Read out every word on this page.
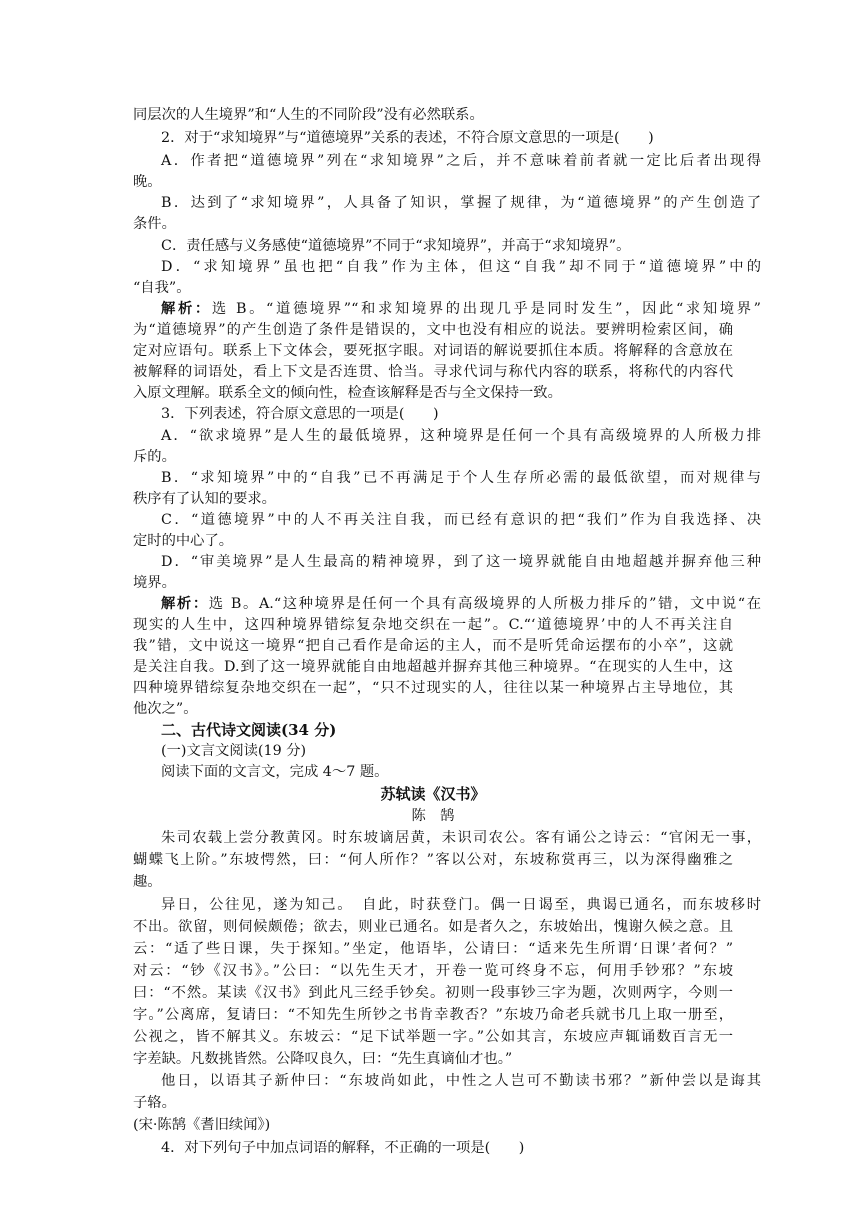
同层次的人生境界”和“人生的不同阶段”没有必然联系。
2．对于“求知境界”与“道德境界”关系的表述，不符合原文意思的一项是(　　)
A．作者把“道德境界”列在“求知境界”之后，并不意味着前者就一定比后者出现得
晚。
B．达到了“求知境界”，人具备了知识，掌握了规律，为“道德境界”的产生创造了
条件。
C．责任感与义务感使“道德境界”不同于“求知境界”，并高于“求知境界”。
D．“求知境界”虽也把“自我”作为主体，但这“自我”却不同于“道德境界”中的
“自我”。
解析：选 B。“道德境界”“和求知境界的出现几乎是同时发生”，因此“求知境界”
为“道德境界”的产生创造了条件是错误的，文中也没有相应的说法。要辨明检索区间，确
定对应语句。联系上下文体会，要死抠字眼。对词语的解说要抓住本质。将解释的含意放在
被解释的词语处，看上下文是否连贯、恰当。寻求代词与称代内容的联系，将称代的内容代
入原文理解。联系全文的倾向性，检查该解释是否与全文保持一致。
3．下列表述，符合原文意思的一项是(　　)
A．“欲求境界”是人生的最低境界，这种境界是任何一个具有高级境界的人所极力排
斥的。
B．“求知境界”中的“自我”已不再满足于个人生存所必需的最低欲望，而对规律与
秩序有了认知的要求。
C．“道德境界”中的人不再关注自我，而已经有意识的把“我们”作为自我选择、决
定时的中心了。
D．“审美境界”是人生最高的精神境界，到了这一境界就能自由地超越并摒弃他三种
境界。
解析：选 B。A.“这种境界是任何一个具有高级境界的人所极力排斥的”错，文中说“在
现实的人生中，这四种境界错综复杂地交织在一起”。C.“‘道德境界’中的人不再关注自
我”错，文中说这一境界“把自己看作是命运的主人，而不是听凭命运摆布的小卒”，这就
是关注自我。D.到了这一境界就能自由地超越并摒弃其他三种境界。“在现实的人生中，这
四种境界错综复杂地交织在一起”，“只不过现实的人，往往以某一种境界占主导地位，其
他次之”。
二、古代诗文阅读(34 分)
(一)文言文阅读(19 分)
阅读下面的文言文，完成 4～7 题。
苏轼读《汉书》
陈　鹄
朱司农载上尝分教黄冈。时东坡谪居黄，未识司农公。客有诵公之诗云：“官闲无一事，
蝴蝶飞上阶。”东坡愕然，曰：“何人所作？”客以公对，东坡称赏再三，以为深得幽雅之
趣。
异日，公往见，遂为知己。　自此，时获登门。偶一日谒至，典谒已通名，而东坡移时
不出。欲留，则伺候颇倦；欲去，则业已通名。如是者久之，东坡始出，愧谢久候之意。且
云：“适了些日课，失于探知。”坐定，他语毕，公请曰：“适来先生所谓‘日课’者何？”
对云：“钞《汉书》。”公曰：“以先生天才，开卷一览可终身不忘，何用手钞邪？”东坡
曰：“不然。某读《汉书》到此凡三经手钞矣。初则一段事钞三字为题，次则两字，今则一
字。”公离席，复请曰：“不知先生所钞之书肯幸教否？”东坡乃命老兵就书几上取一册至，
公视之，皆不解其义。东坡云：“足下试举题一字。”公如其言，东坡应声辄诵数百言无一
字差缺。凡数挑皆然。公降叹良久，曰：“先生真谪仙才也。”
他日，以语其子新仲曰：“东坡尚如此，中性之人岂可不勤读书邪？”新仲尝以是诲其
子辂。
(宋·陈鹄《耆旧续闻》)
4．对下列句子中加点词语的解释，不正确的一项是(　　)
